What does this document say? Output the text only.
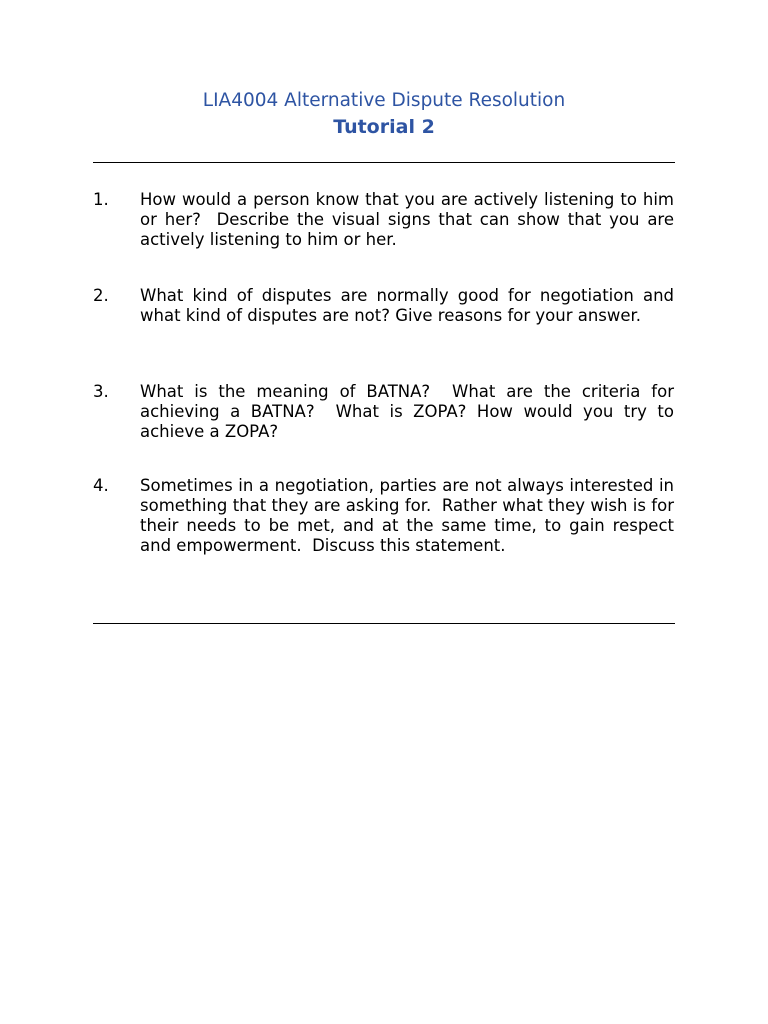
LIA4004 Alternative Dispute Resolution
Tutorial 2
1. How would a person know that you are actively listening to him or her?  Describe the visual signs that can show that you are actively listening to him or her.
2. What kind of disputes are normally good for negotiation and what kind of disputes are not? Give reasons for your answer.
3. What is the meaning of BATNA?  What are the criteria for achieving a BATNA?  What is ZOPA? How would you try to achieve a ZOPA?
4. Sometimes in a negotiation, parties are not always interested in something that they are asking for.  Rather what they wish is for their needs to be met, and at the same time, to gain respect and empowerment.  Discuss this statement.
